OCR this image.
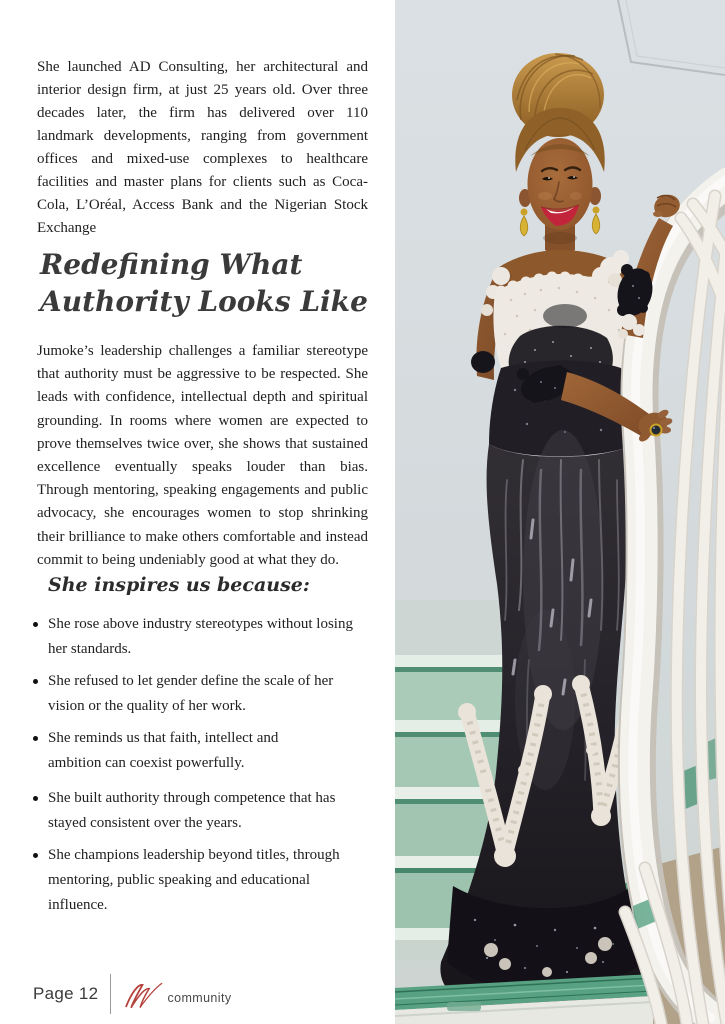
She launched AD Consulting, her architectural and interior design firm, at just 25 years old. Over three decades later, the firm has delivered over 110 landmark developments, ranging from government offices and mixed-use complexes to healthcare facilities and master plans for clients such as Coca-Cola, L’Oréal, Access Bank and the Nigerian Stock Exchange

Redefining What
Authority Looks Like

Jumoke’s leadership challenges a familiar stereotype that authority must be aggressive to be respected. She leads with confidence, intellectual depth and spiritual grounding. In rooms where women are expected to prove themselves twice over, she shows that sustained excellence eventually speaks louder than bias. Through mentoring, speaking engagements and public advocacy, she encourages women to stop shrinking their brilliance to make others comfortable and instead commit to being undeniably good at what they do.

She inspires us because:
She rose above industry stereotypes without losing her standards.
She refused to let gender define the scale of her vision or the quality of her work.
She reminds us that faith, intellect and ambition can coexist powerfully.
She built authority through competence that has stayed consistent over the years.
She champions leadership beyond titles, through mentoring, public speaking and educational influence.
Page 12	community
